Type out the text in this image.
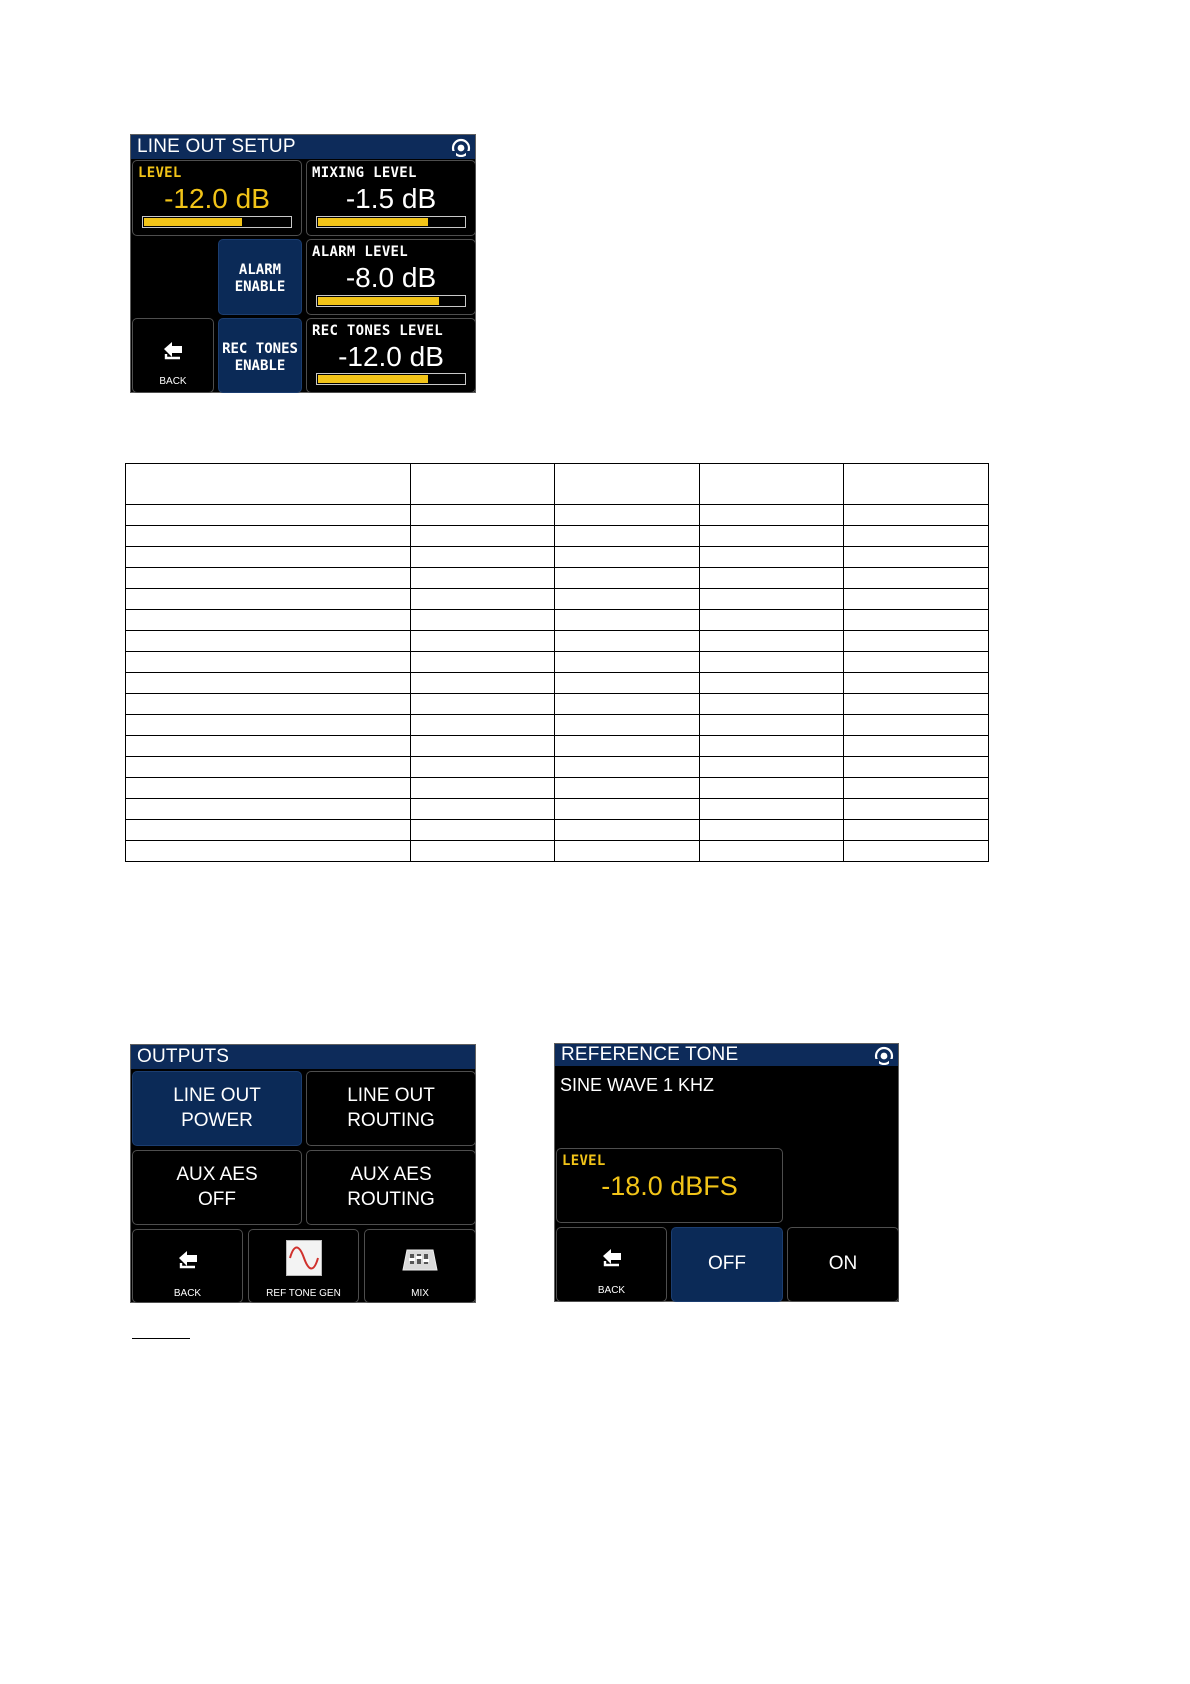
LINE OUT SETUP
LEVEL
-12.0 dB
MIXING LEVEL
-1.5 dB
ALARM
ENABLE
ALARM LEVEL
-8.0 dB
BACK
REC TONES
ENABLE
REC TONES LEVEL
-12.0 dB

OUTPUTS
LINE OUT
POWER
LINE OUT
ROUTING
AUX AES
OFF
AUX AES
ROUTING
BACK	REF TONE GEN	MIX
REFERENCE TONE
SINE WAVE 1 KHZ
LEVEL
-18.0 dBFS
BACK
OFF	ON
